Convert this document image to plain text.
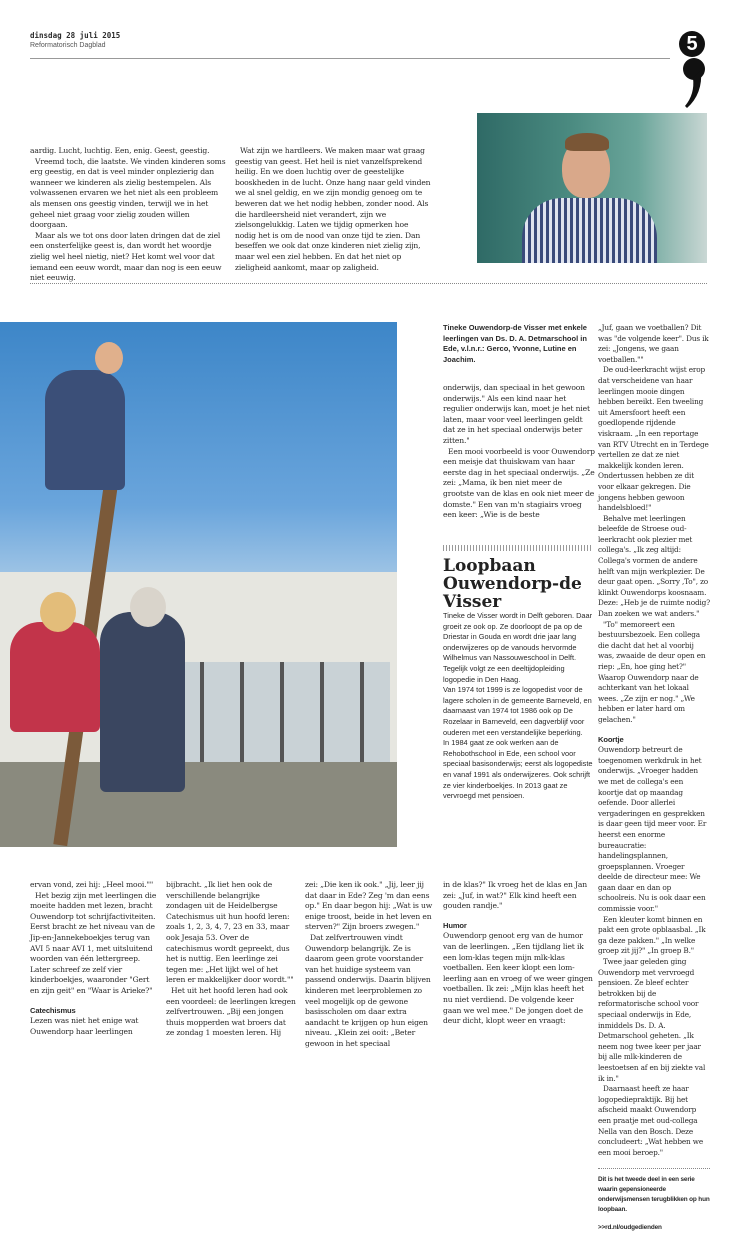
dinsdag 28 juli 2015
Reformatorisch Dagblad	5

aardig. Lucht, luchtig. Een, enig. Geest, geestig.

Vreemd toch, die laatste. We vinden kinderen soms erg geestig, en dat is veel minder onplezierig dan wanneer we kinderen als zielig bestempelen. Als volwassenen ervaren we het niet als een probleem als mensen ons geestig vinden, terwijl we in het geheel niet graag voor zielig zouden willen doorgaan.

Maar als we tot ons door laten dringen dat de ziel een onsterfelijke geest is, dan wordt het woordje zielig wel heel nietig, niet? Het komt wel voor dat iemand een eeuw wordt, maar dan nog is een eeuw niet eeuwig.

Wat zijn we hardleers. We maken maar wat graag geestig van geest. Het heil is niet vanzelfsprekend heilig. En we doen luchtig over de geestelijke booskheden in de lucht. Onze hang naar geld vinden we al snel geldig, en we zijn mondig genoeg om te beweren dat we het nodig hebben, zonder nood. Als die hardleersheid niet verandert, zijn we zielsongelukkig. Laten we tijdig opmerken hoe nodig het is om de nood van onze tijd te zien. Dan beseffen we ook dat onze kinderen niet zielig zijn, maar wel een ziel hebben. En dat het niet op zieligheid aankomt, maar op zaligheid.

Tineke Ouwendorp-de Visser met enkele leerlingen van Ds. D. A. Detmarschool in Ede, v.l.n.r.: Gerco, Yvonne, Lutine en Joachim.

onderwijs, dan speciaal in het gewoon onderwijs." Als een kind naar het regulier onderwijs kan, moet je het niet laten, maar voor veel leerlingen geldt dat ze in het speciaal onderwijs beter zitten."

Een mooi voorbeeld is voor Ouwendorp een meisje dat thuiskwam van haar eerste dag in het speciaal onderwijs. „Ze zei: „Mama, ik ben niet meer de grootste van de klas en ook niet meer de domste." Een van m'n stagiairs vroeg een keer: „Wie is de beste

Loopbaan Ouwendorp-de Visser

Tineke de Visser wordt in Delft geboren. Daar groeit ze ook op. Ze doorloopt de pa op de Driestar in Gouda en wordt drie jaar lang onderwijzeres op de vanouds hervormde Wilhelmus van Nassouweschool in Delft. Tegelijk volgt ze een deeltijdopleiding logopedie in Den Haag.

Van 1974 tot 1999 is ze logopedist voor de lagere scholen in de gemeente Barneveld, en daarnaast van 1974 tot 1986 ook op De Rozelaar in Barneveld, een dagverblijf voor ouderen met een verstandelijke beperking.

In 1984 gaat ze ook werken aan de Rehobothschool in Ede, een school voor speciaal basisonderwijs; eerst als logopediste en vanaf 1991 als onderwijzeres. Ook schrijft ze vier kinderboekjes. In 2013 gaat ze vervroegd met pensioen.

„Juf, gaan we voetballen? Dit was "de volgende keer". Dus ik zei: „Jongens, we gaan voetballen.""

De oud-leerkracht wijst erop dat verscheidene van haar leerlingen mooie dingen hebben bereikt. Een tweeling uit Amersfoort heeft een goedlopende rijdende viskraam. „In een reportage van RTV Utrecht en in Terdege vertellen ze dat ze niet makkelijk konden leren. Ondertussen hebben ze dit voor elkaar gekregen. Die jongens hebben gewoon handelsbloed!"

Behalve met leerlingen beleefde de Stroese oud-leerkracht ook plezier met collega's. „Ik zeg altijd: Collega's vormen de andere helft van mijn werkplezier. De deur gaat open. „Sorry ,To", zo klinkt Ouwendorps koosnaam. Deze: „Heb je de ruimte nodig? Dan zoeken we wat anders."

"To" memoreert een bestuursbezoek. Een collega die dacht dat het al voorbij was, zwaaide de deur open en riep: „En, hoe ging het?" Waarop Ouwendorp naar de achterkant van het lokaal wees. „Ze zijn er nog." „We hebben er later hard om gelachen."

Koortje

Ouwendorp betreurt de toegenomen werkdruk in het onderwijs. „Vroeger hadden we met de collega's een koortje dat op maandag oefende. Door allerlei vergaderingen en gesprekken is daar geen tijd meer voor. Er heerst een enorme bureaucratie: handelingsplannen, groepsplannen. Vroeger deelde de directeur mee: We gaan daar en dan op schoolreis. Nu is ook daar een commissie voor."

Een kleuter komt binnen en pakt een grote opblaasbal. „Ik ga deze pakken." „In welke groep zit jij?" „In groep B."

Twee jaar geleden ging Ouwendorp met vervroegd pensioen. Ze bleef echter betrokken bij de reformatorische school voor speciaal onderwijs in Ede, inmiddels Ds. D. A. Detmarschool geheten. „Ik neem nog twee keer per jaar bij alle mlk-kinderen de leestoetsen af en bij ziekte val ik in."

Daarnaast heeft ze haar logopediepraktijk. Bij het afscheid maakt Ouwendorp een praatje met oud-collega Nella van den Bosch. Deze concludeert: „Wat hebben we een mooi beroep."

Dit is het tweede deel in een serie waarin gepensioneerde onderwijsmensen terugblikken op hun loopbaan.
>>rd.nl/oudgedienden

ervan vond, zei hij: „Heel mooi.""

Het bezig zijn met leerlingen die moeite hadden met lezen, bracht Ouwendorp tot schrijfactiviteiten. Eerst bracht ze het niveau van de Jip-en-Jannekeboekjes terug van AVI 5 naar AVI 1, met uitsluitend woorden van één lettergreep. Later schreef ze zelf vier kinderboekjes, waaronder "Gert en zijn geit" en "Waar is Arieke?"

Catechismus

Lezen was niet het enige wat Ouwendorp haar leerlingen

bijbracht. „Ik liet hen ook de verschillende belangrijke zondagen uit de Heidelbergse Catechismus uit hun hoofd leren: zoals 1, 2, 3, 4, 7, 23 en 33, maar ook Jesaja 53. Over de catechismus wordt gepreekt, dus het is nuttig. Een leerlinge zei tegen me: „Het lijkt wel of het leren er makkelijker door wordt.""

Het uit het hoofd leren had ook een voordeel: de leerlingen kregen zelfvertrouwen. „Bij een jongen thuis mopperden wat broers dat ze zondag 1 moesten leren. Hij

zei: „Die ken ik ook." „Jij, leer jij dat daar in Ede? Zeg 'm dan eens op." En daar begon hij: „Wat is uw enige troost, beide in het leven en sterven?" Zijn broers zwegen."

Dat zelfvertrouwen vindt Ouwendorp belangrijk. Ze is daarom geen grote voorstander van het huidige systeem van passend onderwijs. Daarin blijven kinderen met leerproblemen zo veel mogelijk op de gewone basisscholen om daar extra aandacht te krijgen op hun eigen niveau. „Klein zei ooit: „Beter gewoon in het speciaal

in de klas?" Ik vroeg het de klas en Jan zei: „Juf, in wat?" Elk kind heeft een gouden randje."

Humor

Ouwendorp genoot erg van de humor van de leerlingen. „Een tijdlang liet ik een lom-klas tegen mijn mlk-klas voetballen. Een keer klopt een lom-leerling aan en vroeg of we weer gingen voetballen. Ik zei: „Mijn klas heeft het nu niet verdiend. De volgende keer gaan we wel mee." De jongen doet de deur dicht, klopt weer en vraagt:
